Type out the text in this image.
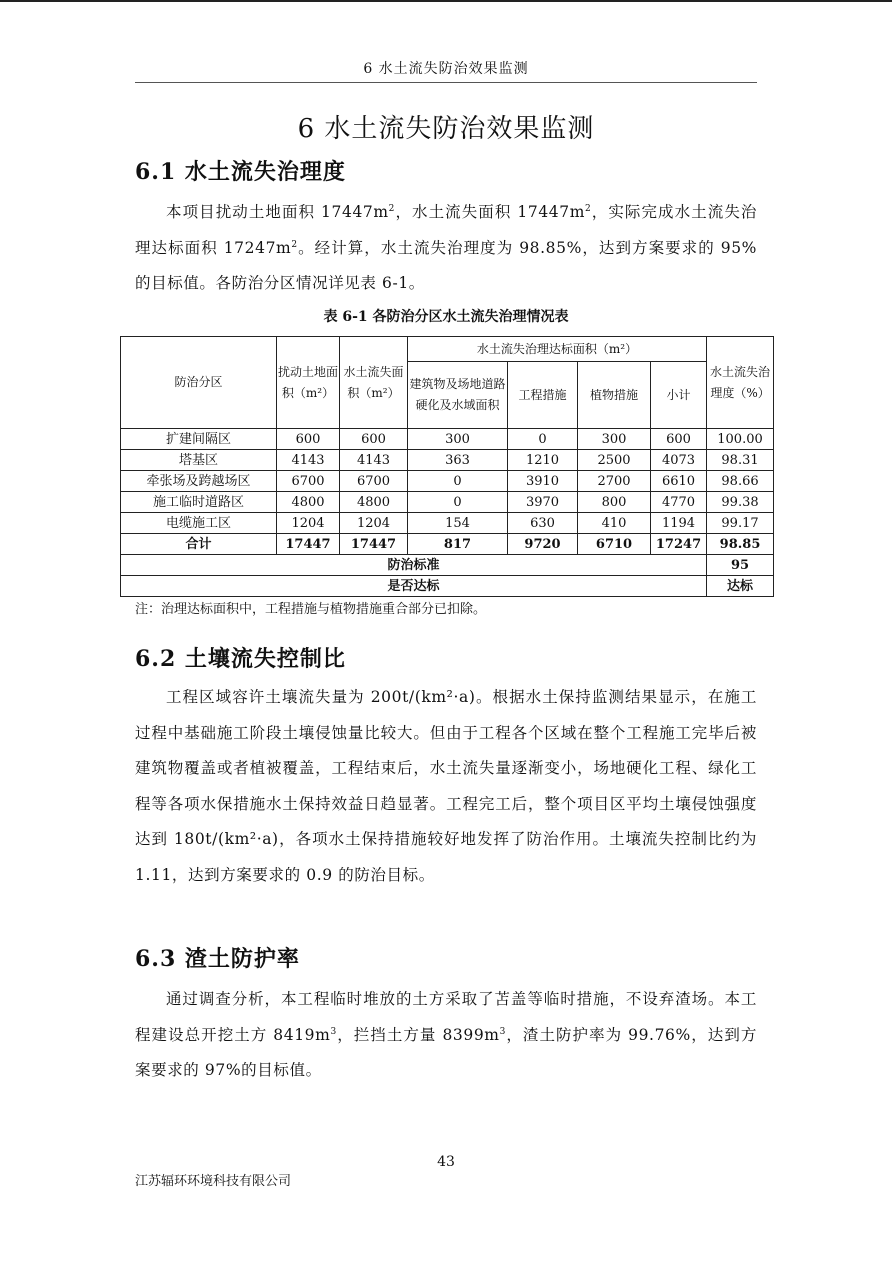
6 水土流失防治效果监测
6 水土流失防治效果监测
6.1 水土流失治理度

本项目扰动土地面积 $17447m^2$，水土流失面积 $17447m^2$，实际完成水土流失治理达标面积 $17247m^2$。经计算，水土流失治理度为 98.85%，达到方案要求的 95%的目标值。各防治分区情况详见表 6-1。

表 6-1 各防治分区水土流失治理情况表
防治分区	扰动土地面积（m²）	水土流失面积（m²）	水土流失治理达标面积（m²）				水土流失治理度（%）
			建筑物及场地道路硬化及水域面积	工程措施	植物措施	小计	
扩建间隔区	600	600	300	0	300	600	100.00
塔基区	4143	4143	363	1210	2500	4073	98.31
牵张场及跨越场区	6700	6700	0	3910	2700	6610	98.66
施工临时道路区	4800	4800	0	3970	800	4770	99.38
电缆施工区	1204	1204	154	630	410	1194	99.17
合计	17447	17447	817	9720	6710	17247	98.85
防治标准							95
是否达标							达标
注：治理达标面积中，工程措施与植物措施重合部分已扣除。
6.2 土壤流失控制比

工程区域容许土壤流失量为 200t/(km²·a)。根据水土保持监测结果显示，在施工过程中基础施工阶段土壤侵蚀量比较大。但由于工程各个区域在整个工程施工完毕后被建筑物覆盖或者植被覆盖，工程结束后，水土流失量逐渐变小，场地硬化工程、绿化工程等各项水保措施水土保持效益日趋显著。工程完工后，整个项目区平均土壤侵蚀强度达到 180t/(km²·a)，各项水土保持措施较好地发挥了防治作用。土壤流失控制比约为 1.11，达到方案要求的 0.9 的防治目标。

6.3 渣土防护率

通过调查分析，本工程临时堆放的土方采取了苫盖等临时措施，不设弃渣场。本工程建设总开挖土方 $8419m^3$，拦挡土方量 $8399m^3$，渣土防护率为 99.76%，达到方案要求的 97%的目标值。

43
江苏辐环环境科技有限公司
